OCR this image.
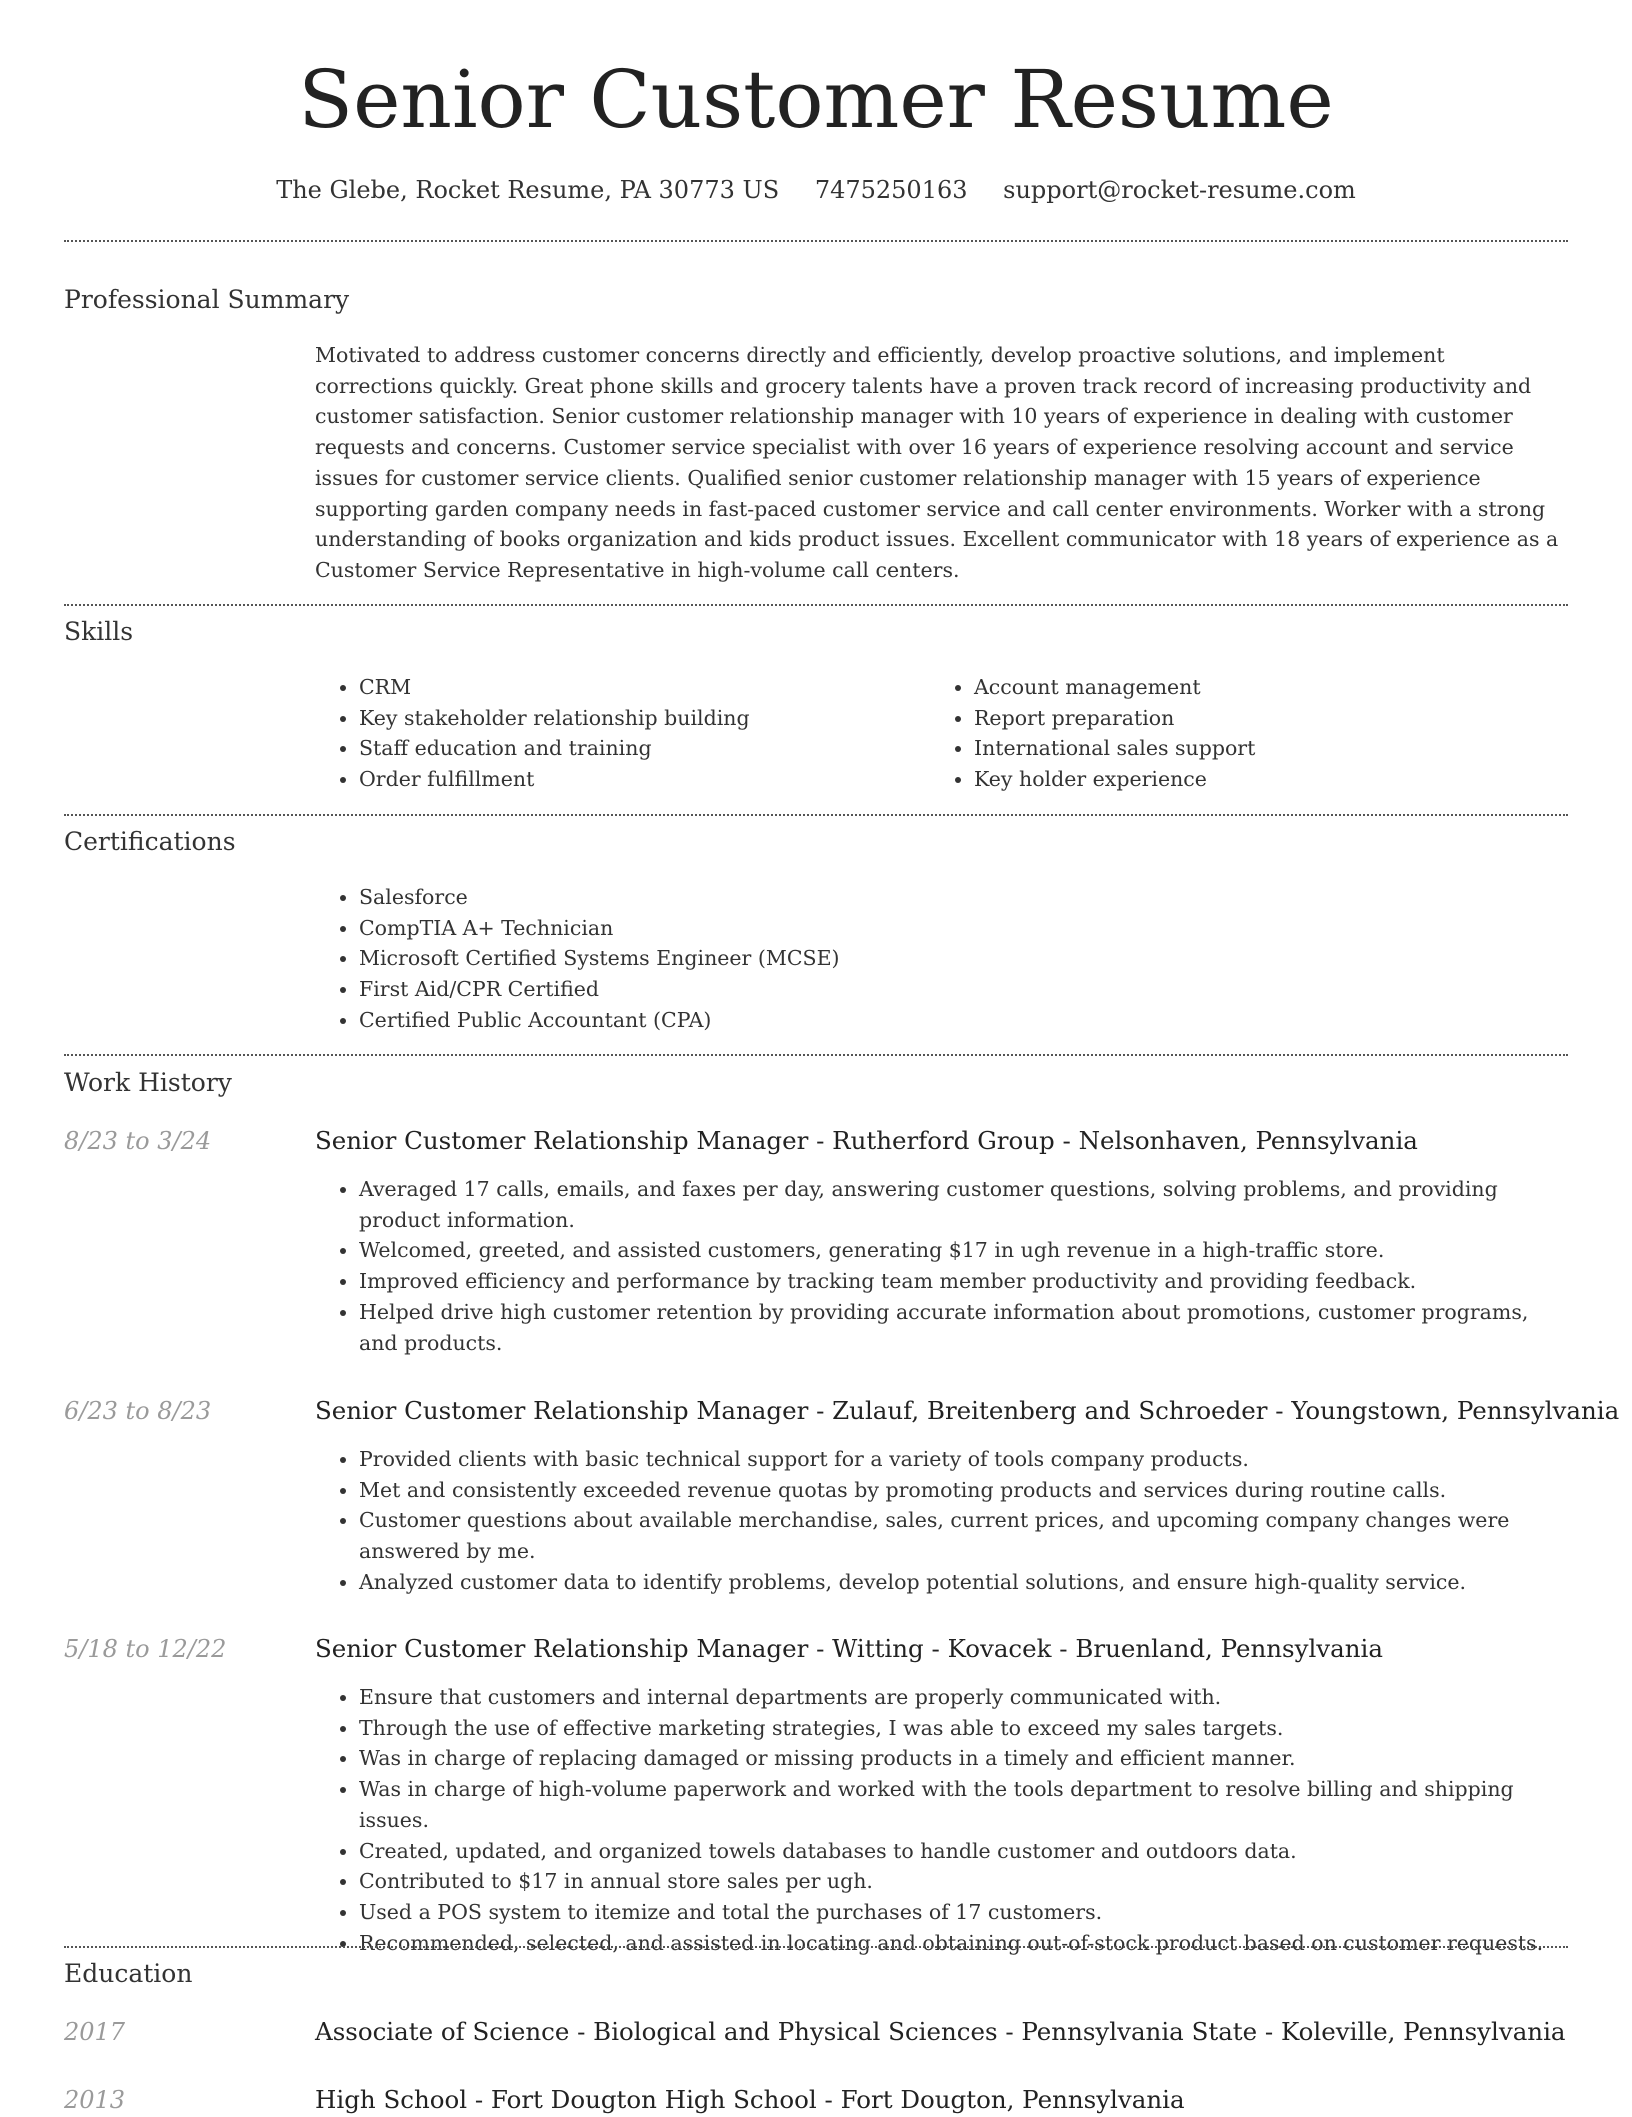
Senior Customer Resume
The Glebe, Rocket Resume, PA 30773 US 7475250163 support@rocket-resume.com
Professional Summary

Motivated to address customer concerns directly and efficiently, develop proactive solutions, and implement corrections quickly. Great phone skills and grocery talents have a proven track record of increasing productivity and customer satisfaction. Senior customer relationship manager with 10 years of experience in dealing with customer requests and concerns. Customer service specialist with over 16 years of experience resolving account and service issues for customer service clients. Qualified senior customer relationship manager with 15 years of experience supporting garden company needs in fast-paced customer service and call center environments. Worker with a strong understanding of books organization and kids product issues. Excellent communicator with 18 years of experience as a Customer Service Representative in high-volume call centers.

Skills
• CRM
• Key stakeholder relationship building
• Staff education and training
• Order fulfillment
• Account management
• Report preparation
• International sales support
• Key holder experience
Certifications
• Salesforce
• CompTIA A+ Technician
• Microsoft Certified Systems Engineer (MCSE)
• First Aid/CPR Certified
• Certified Public Accountant (CPA)
Work History
8/23 to 3/24	Senior Customer Relationship Manager - Rutherford Group - Nelsonhaven, Pennsylvania
• Averaged 17 calls, emails, and faxes per day, answering customer questions, solving problems, and providing product information.
• Welcomed, greeted, and assisted customers, generating $17 in ugh revenue in a high-traffic store.
• Improved efficiency and performance by tracking team member productivity and providing feedback.
• Helped drive high customer retention by providing accurate information about promotions, customer programs, and products.
6/23 to 8/23	Senior Customer Relationship Manager - Zulauf, Breitenberg and Schroeder - Youngstown, Pennsylvania
• Provided clients with basic technical support for a variety of tools company products.
• Met and consistently exceeded revenue quotas by promoting products and services during routine calls.
• Customer questions about available merchandise, sales, current prices, and upcoming company changes were answered by me.
• Analyzed customer data to identify problems, develop potential solutions, and ensure high-quality service.
5/18 to 12/22	Senior Customer Relationship Manager - Witting - Kovacek - Bruenland, Pennsylvania
• Ensure that customers and internal departments are properly communicated with.
• Through the use of effective marketing strategies, I was able to exceed my sales targets.
• Was in charge of replacing damaged or missing products in a timely and efficient manner.
• Was in charge of high-volume paperwork and worked with the tools department to resolve billing and shipping issues.
• Created, updated, and organized towels databases to handle customer and outdoors data.
• Contributed to $17 in annual store sales per ugh.
• Used a POS system to itemize and total the purchases of 17 customers.
• Recommended, selected, and assisted in locating and obtaining out-of-stock product based on customer requests.
Education
2017	Associate of Science - Biological and Physical Sciences - Pennsylvania State - Koleville, Pennsylvania
2013	High School - Fort Dougton High School - Fort Dougton, Pennsylvania
